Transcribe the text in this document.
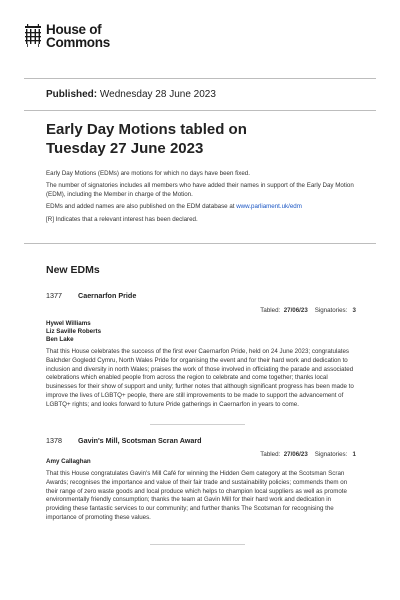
House of
Commons
Published: Wednesday 28 June 2023
Early Day Motions tabled on
Tuesday 27 June 2023

Early Day Motions (EDMs) are motions for which no days have been fixed.

The number of signatories includes all members who have added their names in support of the Early Day Motion (EDM), including the Member in charge of the Motion.

EDMs and added names are also published on the EDM database at www.parliament.uk/edm

[R] Indicates that a relevant interest has been declared.

New EDMs
1377	Caernarfon Pride
Tabled: 27/06/23 Signatories: 3
Hywel Williams
Liz Saville Roberts
Ben Lake
That this House celebrates the success of the first ever Caernarfon Pride, held on 24 June 2023; congratulates Balchder Gogledd Cymru, North Wales Pride for organising the event and for their hard work and dedication to inclusion and diversity in north Wales; praises the work of those involved in officiating the parade and associated celebrations which enabled people from across the region to celebrate and come together; thanks local businesses for their show of support and unity; further notes that although significant progress has been made to improve the lives of LGBTQ+ people, there are still improvements to be made to support the advancement of LGBTQ+ rights; and looks forward to future Pride gatherings in Caernarfon in years to come.
1378	Gavin's Mill, Scotsman Scran Award
Tabled: 27/06/23 Signatories: 1
Amy Callaghan
That this House congratulates Gavin's Mill Café for winning the Hidden Gem category at the Scotsman Scran Awards; recognises the importance and value of their fair trade and sustainability policies; commends them on their range of zero waste goods and local produce which helps to champion local suppliers as well as promote environmentally friendly consumption; thanks the team at Gavin Mill for their hard work and dedication in providing these fantastic services to our community; and further thanks The Scotsman for recognising the importance of promoting these values.
